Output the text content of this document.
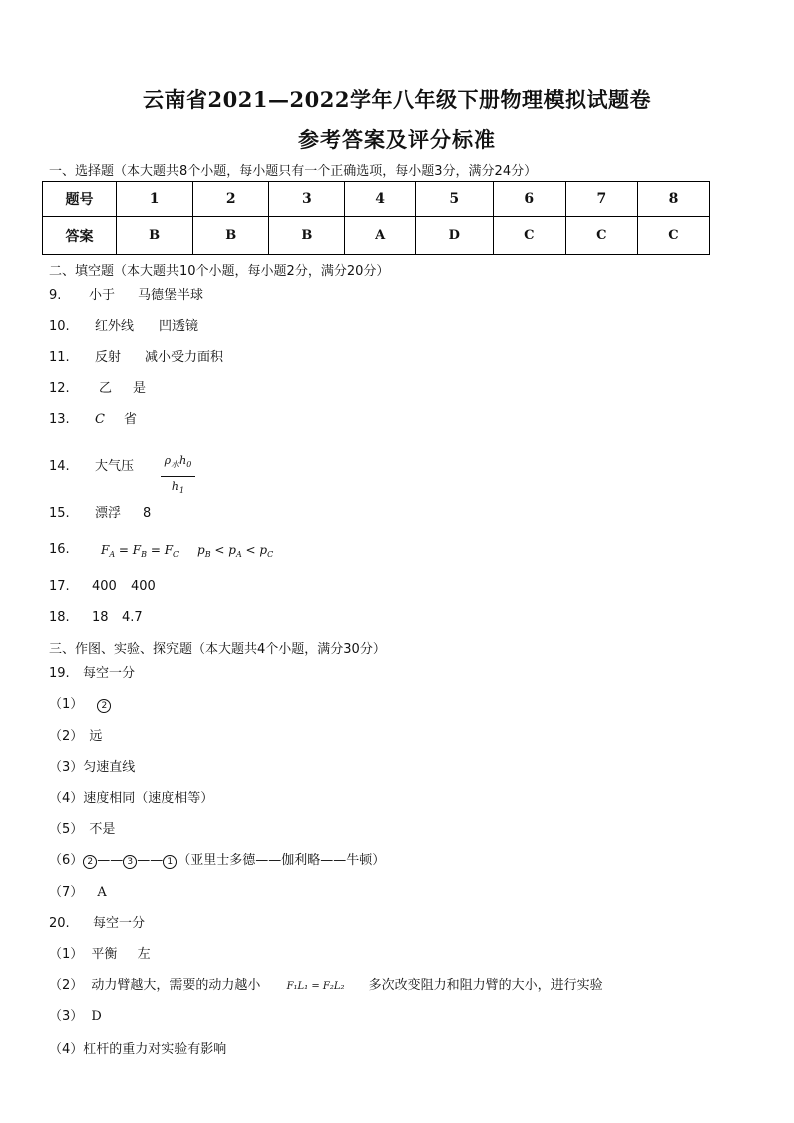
云南省2021—2022学年八年级下册物理模拟试题卷
参考答案及评分标准
一、选择题（本大题共8个小题，每小题只有一个正确选项，每小题3分，满分24分）
题号	1	2	3	4	5	6	7	8
答案	B	B	B	A	D	C	C	C
二、填空题（本大题共10个小题，每小题2分，满分20分）
9. 小于 马德堡半球
10. 红外线 凹透镜
11. 反射 减小受力面积
12. 乙 是
13. C 省
14. 大气压	$\rho_水h_0$
$h_1$
15. 漂浮 8
16.	$F_A = F_B = F_C$ $p_B < p_A < p_C$
17. 400 400
18. 18 4.7
三、作图、实验、探究题（本大题共4个小题，满分30分）
19. 每空一分
（1） 2
（2） 远
（3）匀速直线
（4）速度相同（速度相等）
（5） 不是
（6） 2 —— 3 —— 1 （亚里士多德——伽利略——牛顿）
（7） A
20. 每空一分
（1） 平衡 左
（2） 动力臂越大，需要的动力越小	F₁L₁ = F₂L₂ 多次改变阻力和阻力臂的大小，进行实验
（3） D
（4）杠杆的重力对实验有影响
